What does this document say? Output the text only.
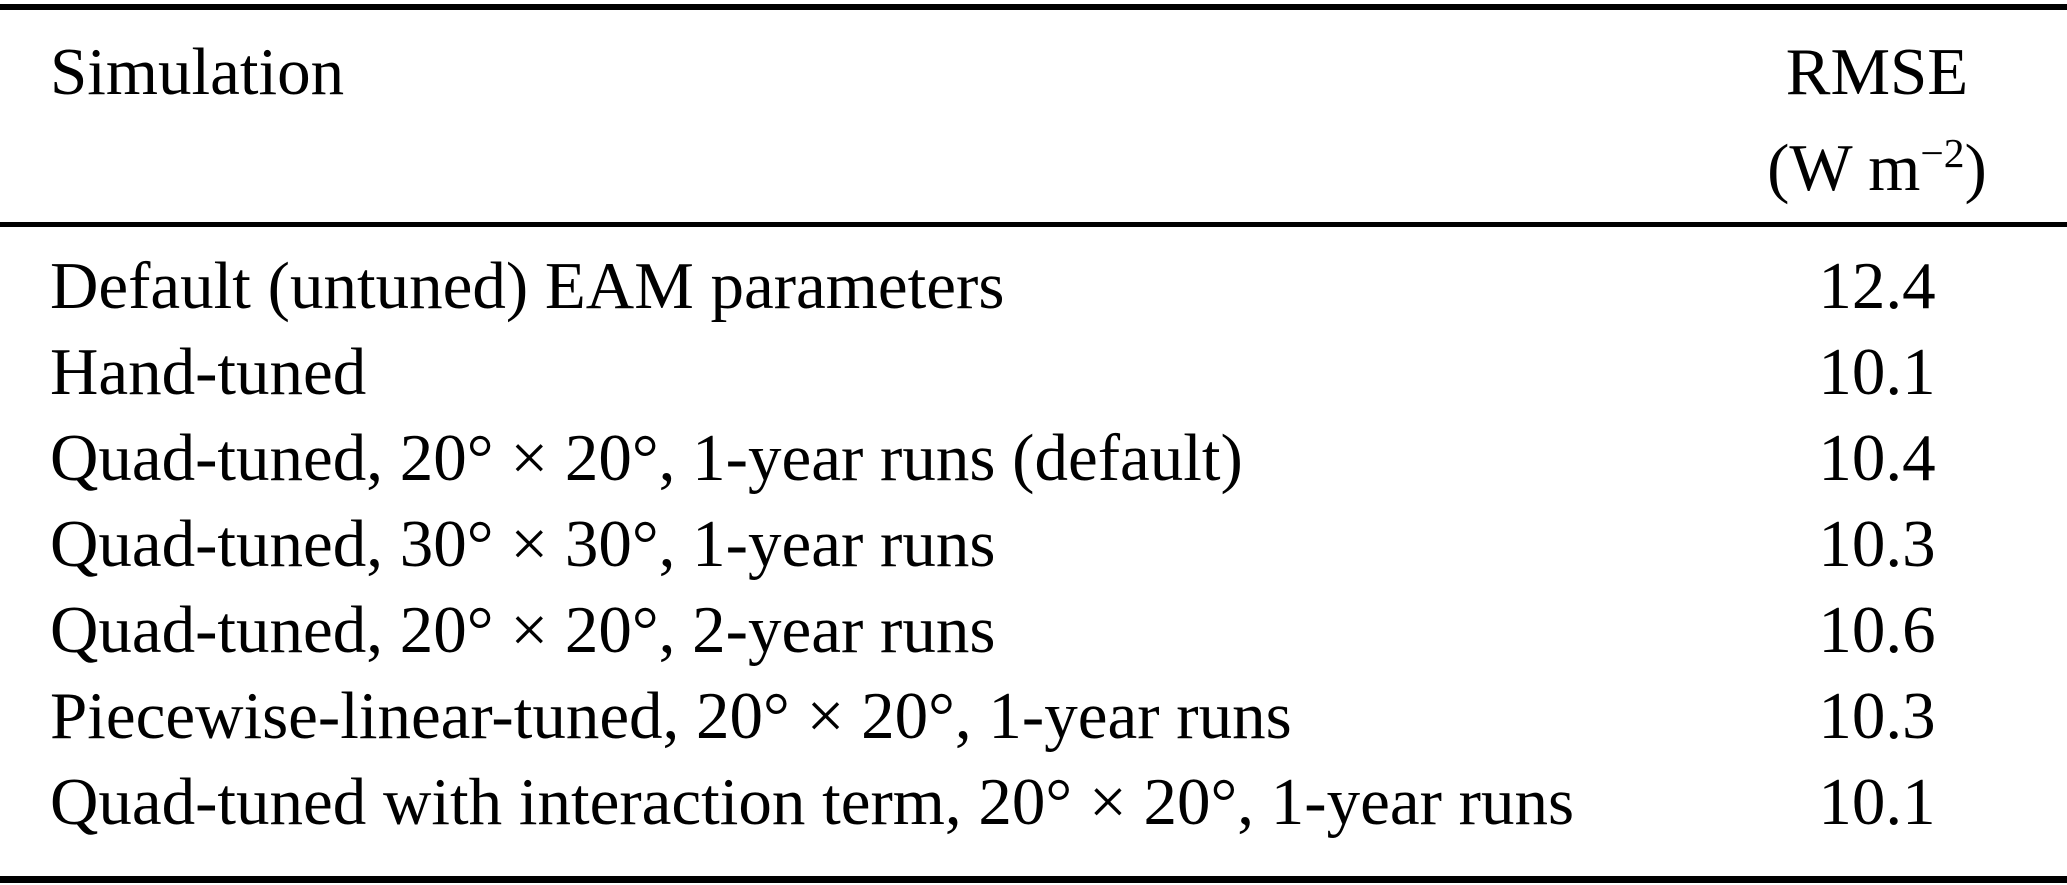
Simulation	RMSE
(W $m^{-2}$)
Default (untuned) EAM parameters	12.4
Hand-tuned	10.1
Quad-tuned, 20° × 20°, 1-year runs (default)	10.4
Quad-tuned, 30° × 30°, 1-year runs	10.3
Quad-tuned, 20° × 20°, 2-year runs	10.6
Piecewise-linear-tuned, 20° × 20°, 1-year runs	10.3
Quad-tuned with interaction term, 20° × 20°, 1-year runs	10.1
